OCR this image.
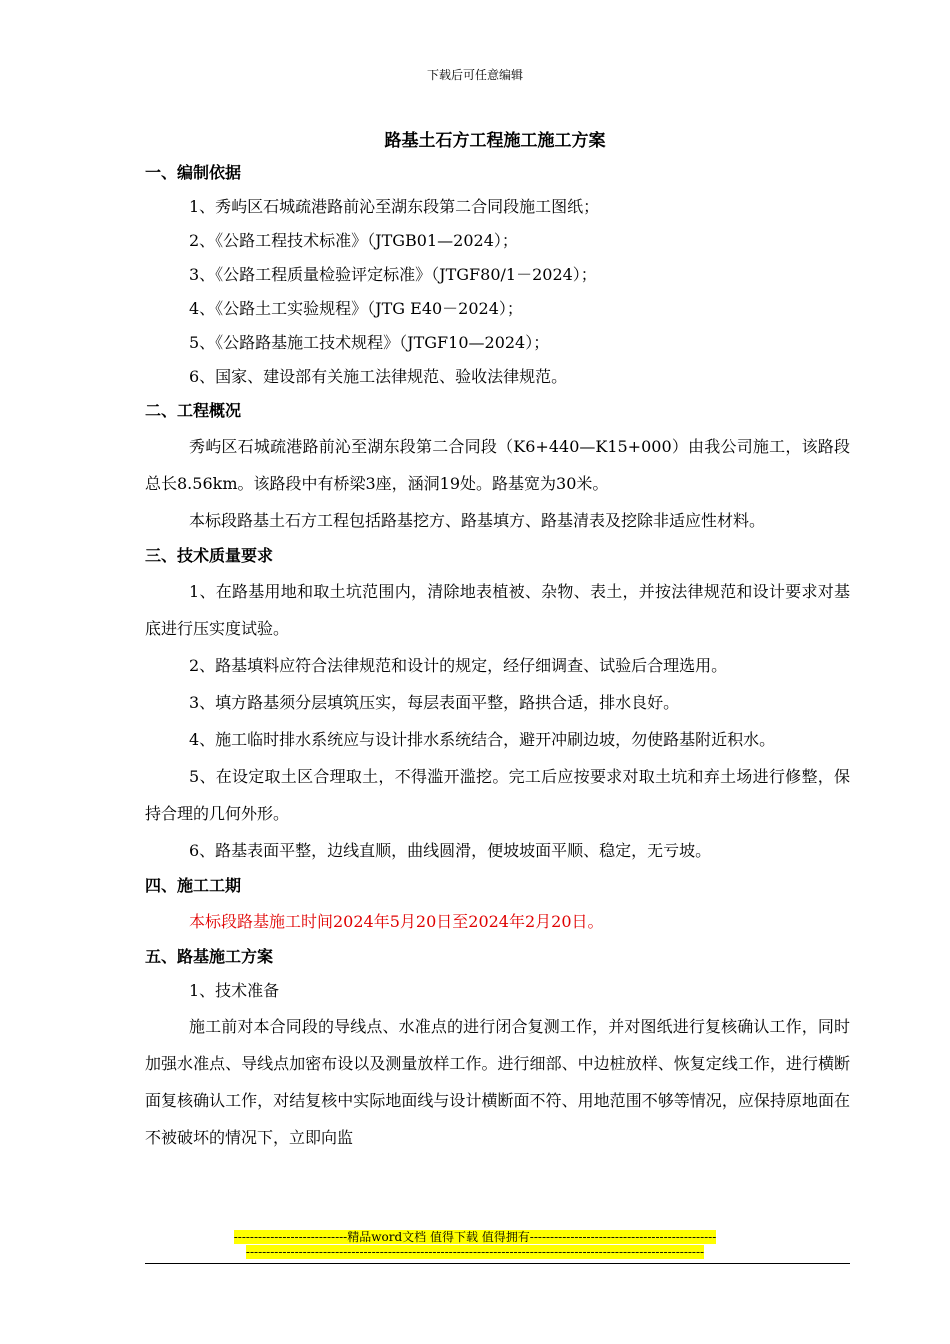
下载后可任意编辑
路基土石方工程施工施工方案
一、编制依据
1、秀屿区石城疏港路前沁至湖东段第二合同段施工图纸；
2、《公路工程技术标准》（JTGB01—2024）；
3、《公路工程质量检验评定标准》（JTGF80/1－2024）；
4、《公路土工实验规程》（JTG E40－2024）；
5、《公路路基施工技术规程》（JTGF10—2024）；
6、国家、建设部有关施工法律规范、验收法律规范。
二、工程概况
秀屿区石城疏港路前沁至湖东段第二合同段（K6+440—K15+000）由我公司施工，该路段总长8.56km。该路段中有桥梁3座，涵洞19处。路基宽为30米。
本标段路基土石方工程包括路基挖方、路基填方、路基清表及挖除非适应性材料。
三、技术质量要求
1、在路基用地和取土坑范围内，清除地表植被、杂物、表土，并按法律规范和设计要求对基底进行压实度试验。
2、路基填料应符合法律规范和设计的规定，经仔细调查、试验后合理选用。
3、填方路基须分层填筑压实，每层表面平整，路拱合适，排水良好。
4、施工临时排水系统应与设计排水系统结合，避开冲刷边坡，勿使路基附近积水。
5、在设定取土区合理取土，不得滥开滥挖。完工后应按要求对取土坑和弃土场进行修整，保持合理的几何外形。
6、路基表面平整，边线直顺，曲线圆滑，便坡坡面平顺、稳定，无亏坡。
四、施工工期
本标段路基施工时间2024年5月20日至2024年2月20日。
五、路基施工方案
1、技术准备
施工前对本合同段的导线点、水准点的进行闭合复测工作，并对图纸进行复核确认工作，同时加强水准点、导线点加密布设以及测量放样工作。进行细部、中边桩放样、恢复定线工作，进行横断面复核确认工作，对结复核中实际地面线与设计横断面不符、用地范围不够等情况，应保持原地面在不被破坏的情况下，立即向监
----------------------------精品word文档 值得下载 值得拥有----------------------------------------------
-----------------------------------------------------------------------------------------------------------------
